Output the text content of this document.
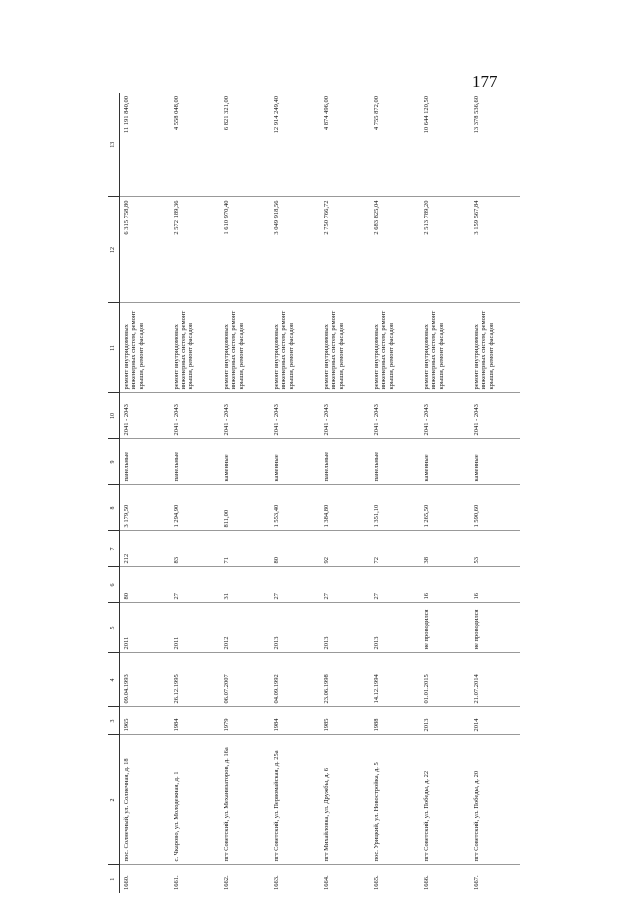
177
1	2	3	4	5	6	7	8	9	10	11	12	13
1660.	пос. Солнечный, ул. Солнечная, д. 18	1965	09.04.1993	2011	80	212	3 179,50	панельные	2041 - 2043	ремонт внутридомовых инженерных систем, ремонт крыши, ремонт фасадов	6 315 758,80	11 191 840,00
1661.	с. Чкарово, ул. Молодежная, д. 1	1984	26.12.1995	2011	27	83	1 294,90	панельные	2041 - 2043	ремонт внутридомовых инженерных систем, ремонт крыши, ремонт фасадов	2 572 189,36	4 558 048,00
1662.	пгт Советский, ул. Механизаторов, д. 16а	1979	06.07.2007	2012	31	71	811,00	каменные	2041 - 2043	ремонт внутридомовых инженерных систем, ремонт крыши, ремонт фасадов	1 610 970,40	6 821 321,00
1663.	пгт Советский, ул. Первомайская, д. 25а	1984	04.09.1992	2013	27	80	1 553,40	каменные	2041 - 2043	ремонт внутридомовых инженерных систем, ремонт крыши, ремонт фасадов	3 049 918,56	12 914 249,40
1664.	пгт Михайловка, ул. Дружбы, д. 6	1985	23.06.1998	2013	27	92	1 384,80	панельные	2041 - 2043	ремонт внутридомовых инженерных систем, ремонт крыши, ремонт фасадов	2 750 766,72	4 874 496,00
1665.	пос. Урицкий, ул. Новостройка, д. 5	1988	14.12.1994	2013	27	72	1 351,10	панельные	2041 - 2043	ремонт внутридомовых инженерных систем, ремонт крыши, ремонт фасадов	2 683 825,04	4 755 872,00
1666.	пгт Советский, ул. Победы, д. 22	2013	01.01.2015	не проводился	16	38	1 265,50	каменные	2041 - 2043	ремонт внутридомовых инженерных систем, ремонт крыши, ремонт фасадов	2 513 789,20	10 644 120,50
1667.	пгт Советский, ул. Победы, д. 20	2014	21.07.2014	не проводился	16	53	1 590,60	каменные	2041 - 2043	ремонт внутридомовых инженерных систем, ремонт крыши, ремонт фасадов	3 159 567,84	13 378 536,60
